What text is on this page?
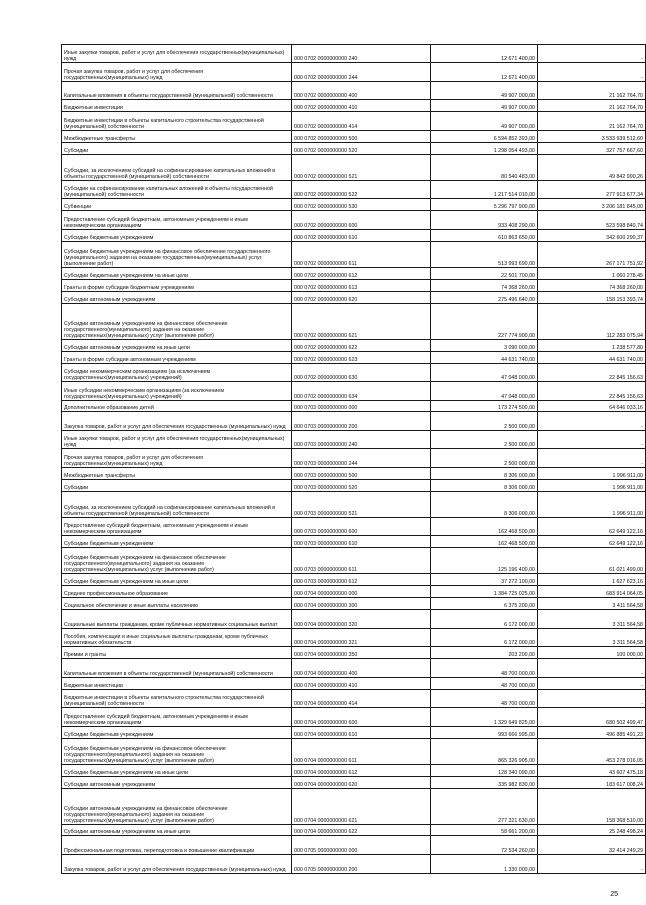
Иные закупки товаров, работ и услуг для обеспечения государственных(муниципальных) нужд	000 0702 0000000000 240	12 671 400,00	-
Прочая закупка товаров, работ и услуг для обеспечения государственных(муниципальных) нужд	000 0702 0000000000 244	12 671 400,00	-
Капитальные вложения в объекты государственной (муниципальной) собственности	000 0702 0000000000 400	49 907 000,00	21 162 764,70
Бюджетные инвестиции	000 0702 0000000000 410	49 907 000,00	21 162 764,70
Бюджетные инвестиции в объекты капитального строительства государственной (муниципальной) собственности	000 0702 0000000000 414	49 907 000,00	21 162 764,70
Межбюджетные трансферты	000 0702 0000000000 500	6 594 852 393,00	3 533 939 512,60
Субсидии	000 0702 0000000000 520	1 298 054 493,00	327 757 667,60
Субсидии, за исключением субсидий на софинансирование капитальных вложений в объекты государственной (муниципальной) собственности	000 0702 0000000000 521	80 540 483,00	49 842 990,26
Субсидии на софинансирование капитальных вложений в объекты государственной (муниципальной) собственности	000 0702 0000000000 522	1 217 514 010,00	277 913 677,34
Субвенции	000 0702 0000000000 530	5 296 797 900,00	3 206 181 845,00
Предоставление субсидий бюджетным, автономным учреждениям и иным некоммерческим организациям	000 0702 0000000000 600	933 408 290,00	523 598 840,74
Субсидии бюджетным учреждениям	000 0702 0000000000 610	610 863 650,00	342 600 290,37
Субсидии бюджетным учреждениям на финансовое обеспечение государственного (муниципального) задания на оказание государственных(муниципальных) услуг (выполнение работ)	000 0702 0000000000 611	513 993 690,00	267 171 751,92
Субсидии бюджетным учреждениям на иные цели	000 0702 0000000000 612	22 501 700,00	1 060 278,45
Гранты в форме субсидии бюджетным учреждениям	000 0702 0000000000 613	74 368 260,00	74 368 260,00
Субсидии автономным учреждениям	000 0702 0000000000 620	275 496 640,00	158 153 393,74
Субсидии автономным учреждениям на финансовое обеспечение государственного(муниципального) задания на оказание государственных(муниципальных) услуг (выполнение работ)	000 0702 0000000000 621	227 774 900,00	112 283 075,94
Субсидии автономным учреждениям на иные цели	000 0702 0000000000 622	3 090 000,00	1 238 577,80
Гранты в форме субсидии автономным учреждениям	000 0702 0000000000 623	44 631 740,00	44 631 740,00
Субсидии некоммерческим организациям (за исключением государственных(муниципальных) учреждений)	000 0702 0000000000 630	47 048 000,00	22 845 156,63
Иные субсидии некоммерческим организациям (за исключением государственных(муниципальных) учреждений)	000 0702 0000000000 634	47 048 000,00	22 845 156,63
Дополнительное образование детей	000 0703 0000000000 000	173 274 500,00	64 646 033,16
Закупка товаров, работ и услуг для обеспечения государственных (муниципальных) нужд	000 0703 0000000000 200	2 500 000,00	-
Иные закупки товаров, работ и услуг для обеспечения государственных(муниципальных) нужд	000 0703 0000000000 240	2 500 000,00	-
Прочая закупка товаров, работ и услуг для обеспечения государственных(муниципальных) нужд	000 0703 0000000000 244	2 500 000,00	-
Межбюджетные трансферты	000 0703 0000000000 500	8 306 000,00	1 996 911,00
Субсидии	000 0703 0000000000 520	8 306 000,00	1 996 911,00
Субсидии, за исключением субсидий на софинансирование капитальных вложений в объекты государственной (муниципальной) собственности	000 0703 0000000000 521	8 306 000,00	1 996 911,00
Предоставление субсидий бюджетным, автономным учреждениям и иным некоммерческим организациям	000 0703 0000000000 600	162 468 500,00	62 649 122,16
Субсидии бюджетным учреждениям	000 0703 0000000000 610	162 468 500,00	62 649 122,16
Субсидии бюджетным учреждениям на финансовое обеспечение государственного(муниципального) задания на оказание государственных(муниципальных) услуг (выполнение работ)	000 0703 0000000000 611	125 196 400,00	61 021 499,00
Субсидии бюджетным учреждениям на иные цели	000 0703 0000000000 612	37 272 100,00	1 627 623,16
Среднее профессиональное образование	000 0704 0000000000 000	1 384 725 025,00	683 914 064,05
Социальное обеспечение и иные выплаты населению	000 0704 0000000000 300	6 375 200,00	3 411 564,58
Социальные выплаты гражданам, кроме публичных нормативных социальных выплат	000 0704 0000000000 320	6 172 000,00	3 311 564,58
Пособия, компенсации и иные социальные выплаты гражданам, кроме публичных нормативных обязательств	000 0704 0000000000 321	6 172 000,00	3 311 564,58
Премии и гранты	000 0704 0000000000 350	203 200,00	100 000,00
Капитальные вложения в объекты государственной (муниципальной) собственности	000 0704 0000000000 400	48 700 000,00	-
Бюджетные инвестиции	000 0704 0000000000 410	48 700 000,00	-
Бюджетные инвестиции в объекты капитального строительства государственной (муниципальной) собственности	000 0704 0000000000 414	48 700 000,00	-
Предоставление субсидий бюджетным, автономным учреждениям и иным некоммерческим организациям	000 0704 0000000000 600	1 329 649 825,00	680 502 499,47
Субсидии бюджетным учреждениям	000 0704 0000000000 610	993 666 995,00	496 885 491,23
Субсидии бюджетным учреждениям на финансовое обеспечение государственного(муниципального) задания на оказание государственных(муниципальных) услуг (выполнение работ)	000 0704 0000000000 611	865 326 905,00	453 278 016,05
Субсидии бюджетным учреждениям на иные цели	000 0704 0000000000 612	128 340 090,00	43 607 475,18
Субсидии автономным учреждениям	000 0704 0000000000 620	335 982 830,00	183 617 008,24
Субсидии автономным учреждениям на финансовое обеспечение государственного(муниципального) задания на оказание государственных(муниципальных) услуг (выполнение работ)	000 0704 0000000000 621	277 321 630,00	158 368 510,00
Субсидии автономным учреждениям на иные цели	000 0704 0000000000 622	58 661 200,00	25 248 498,24
Профессиональная подготовка, переподготовка и повышение квалификации	000 0705 0000000000 000	72 534 260,00	32 414 249,29
Закупка товаров, работ и услуг для обеспечения государственных (муниципальных) нужд	000 0705 0000000000 200	1 330 000,00	-
25
